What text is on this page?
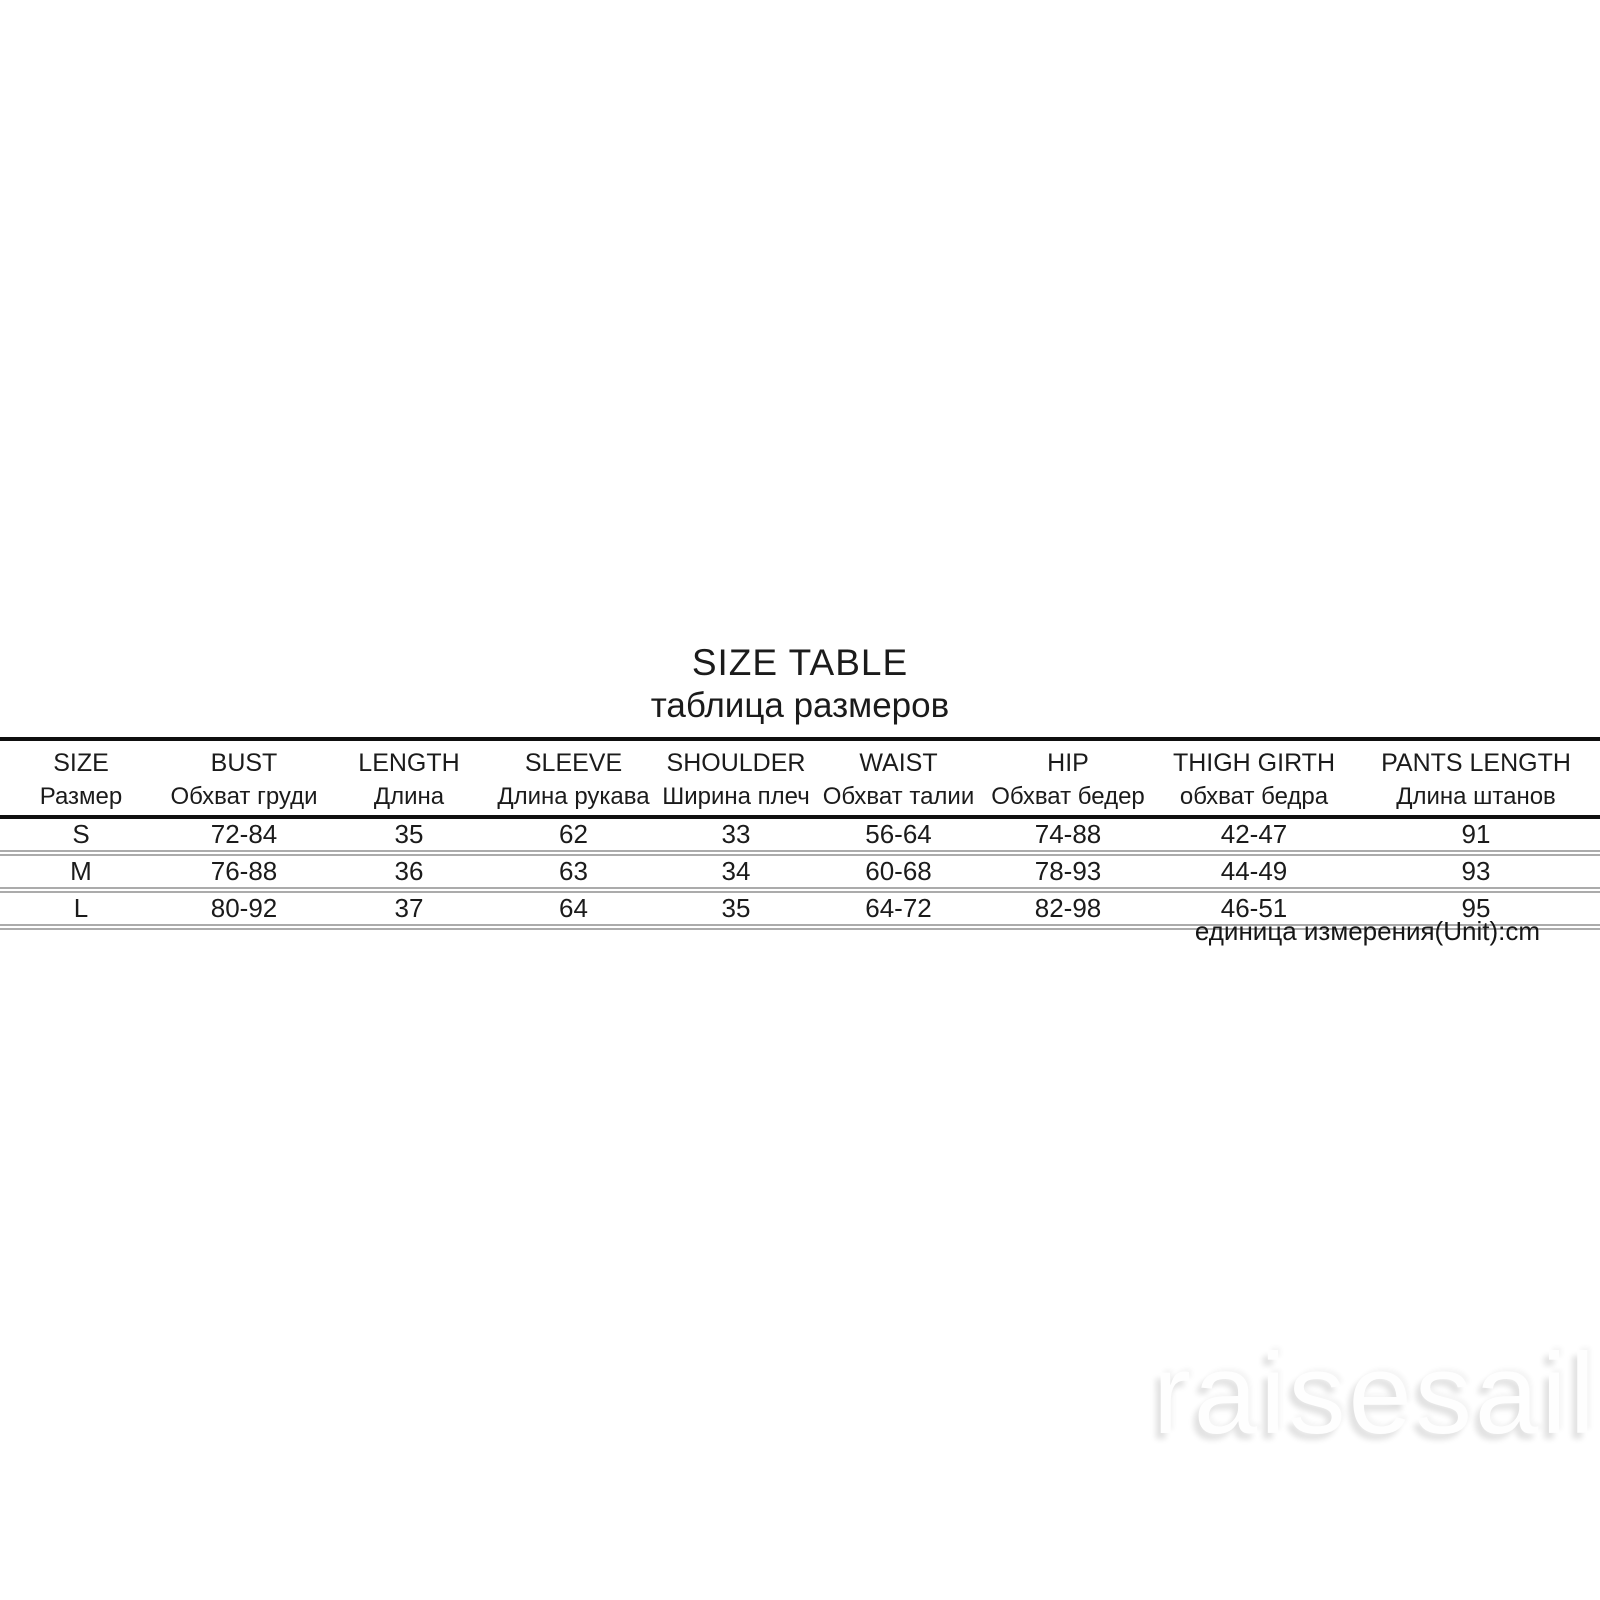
SIZE TABLE
таблица размеров
SIZE	BUST	LENGTH	SLEEVE	SHOULDER	WAIST	HIP	THIGH GIRTH	PANTS LENGTH
Размер	Обхват груди	Длина	Длина рукава	Ширина плеч	Обхват талии	Обхват бедер	обхват бедра	Длина штанов
S	72-84	35	62	33	56-64	74-88	42-47	91
M	76-88	36	63	34	60-68	78-93	44-49	93
L	80-92	37	64	35	64-72	82-98	46-51	95
единица измерения(Unit):cm
raisesail
